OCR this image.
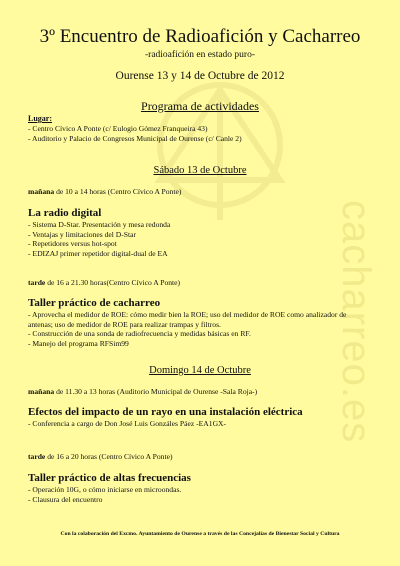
cacharreo.es
3º Encuentro de Radioafición y Cacharreo
-radioafición en estado puro-
Ourense 13 y 14 de Octubre de 2012
Programa de actividades
Lugar:
- Centro Cívico A Ponte (c/ Eulogio Gómez Franqueira 43)
- Auditorio y Palacio de Congresos Municipal de Ourense (c/ Canle 2)
Sábado 13 de Octubre
mañana de 10 a 14 horas (Centro Cívico A Ponte)
La radio digital
- Sistema D-Star. Presentación y mesa redonda
- Ventajas y limitaciones del D-Star
- Repetidores versus hot-spot
- EDIZAJ primer repetidor digital-dual de EA
tarde de 16 a 21.30 horas(Centro Cívico A Ponte)
Taller práctico de cacharreo
- Aprovecha el medidor de ROE: cómo medir bien la ROE; uso del medidor de ROE como analizador de
antenas; uso de medidor de ROE para realizar trampas y filtros.
- Construcción de una sonda de radiofrecuencia y medidas básicas en RF.
- Manejo del programa RFSim99
Domingo 14 de Octubre
mañana de 11.30 a 13 horas (Auditorio Municipal de Ourense -Sala Roja-)
Efectos del impacto de un rayo en una instalación eléctrica
- Conferencia a cargo de Don José Luis Gonzáles Páez -EA1GX-
tarde de 16 a 20 horas (Centro Cívico A Ponte)
Taller práctico de altas frecuencias
- Operación 10G, o cómo iniciarse en microondas.
- Clausura del encuentro
Con la colaboración del Excmo. Ayuntamiento de Ourense a través de las Concejalías de Bienestar Social y Cultura
